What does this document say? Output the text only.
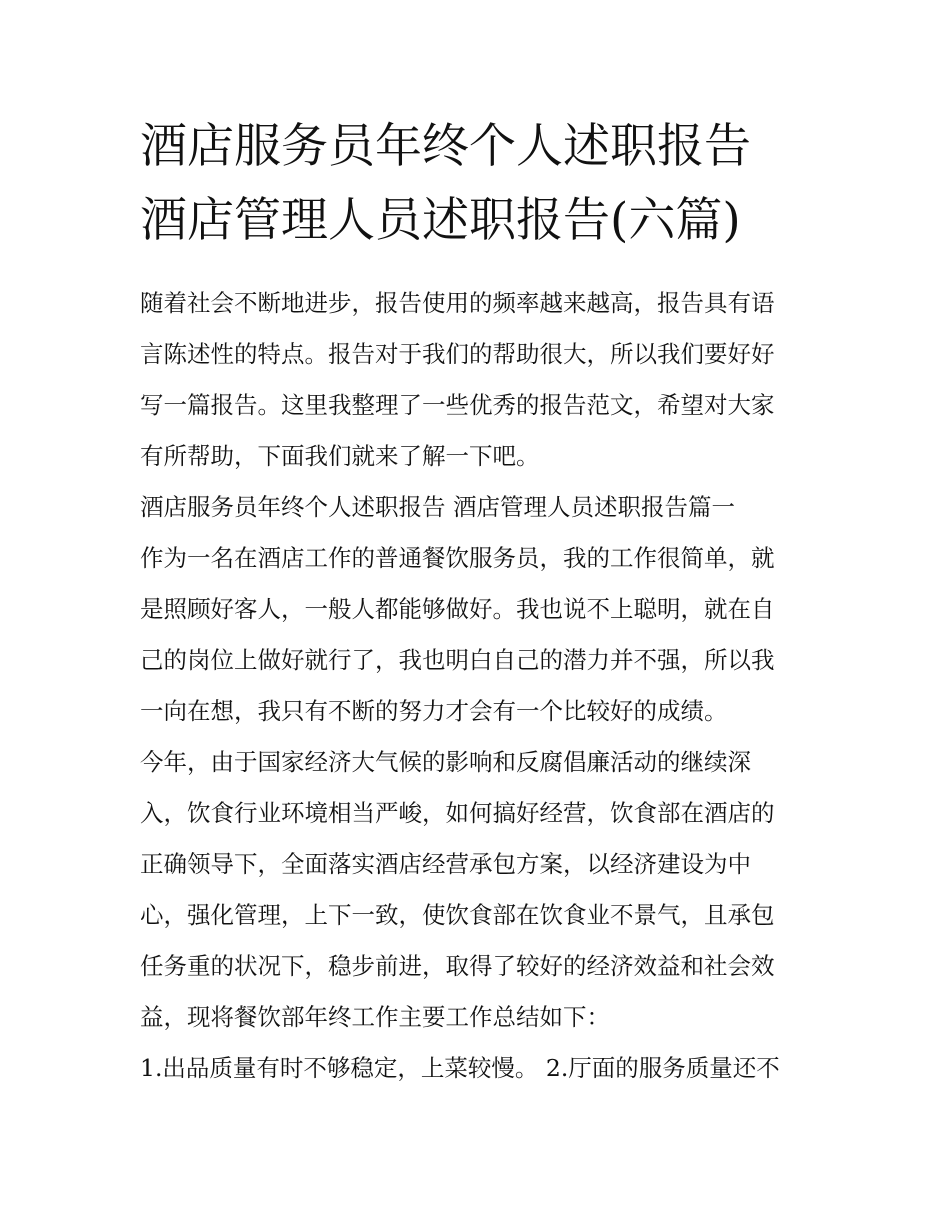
酒店服务员年终个人述职报告
酒店管理人员述职报告(六篇)

随着社会不断地进步，报告使用的频率越来越高，报告具有语
言陈述性的特点。报告对于我们的帮助很大，所以我们要好好
写一篇报告。这里我整理了一些优秀的报告范文，希望对大家
有所帮助，下面我们就来了解一下吧。

酒店服务员年终个人述职报告 酒店管理人员述职报告篇一

作为一名在酒店工作的普通餐饮服务员，我的工作很简单，就
是照顾好客人，一般人都能够做好。我也说不上聪明，就在自
己的岗位上做好就行了，我也明白自己的潜力并不强，所以我
一向在想，我只有不断的努力才会有一个比较好的成绩。

今年，由于国家经济大气候的影响和反腐倡廉活动的继续深
入，饮食行业环境相当严峻，如何搞好经营，饮食部在酒店的
正确领导下，全面落实酒店经营承包方案，以经济建设为中
心，强化管理，上下一致，使饮食部在饮食业不景气，且承包
任务重的状况下，稳步前进，取得了较好的经济效益和社会效
益，现将餐饮部年终工作主要工作总结如下：

1.出品质量有时不够稳定，上菜较慢。 2.厅面的服务质量还不
